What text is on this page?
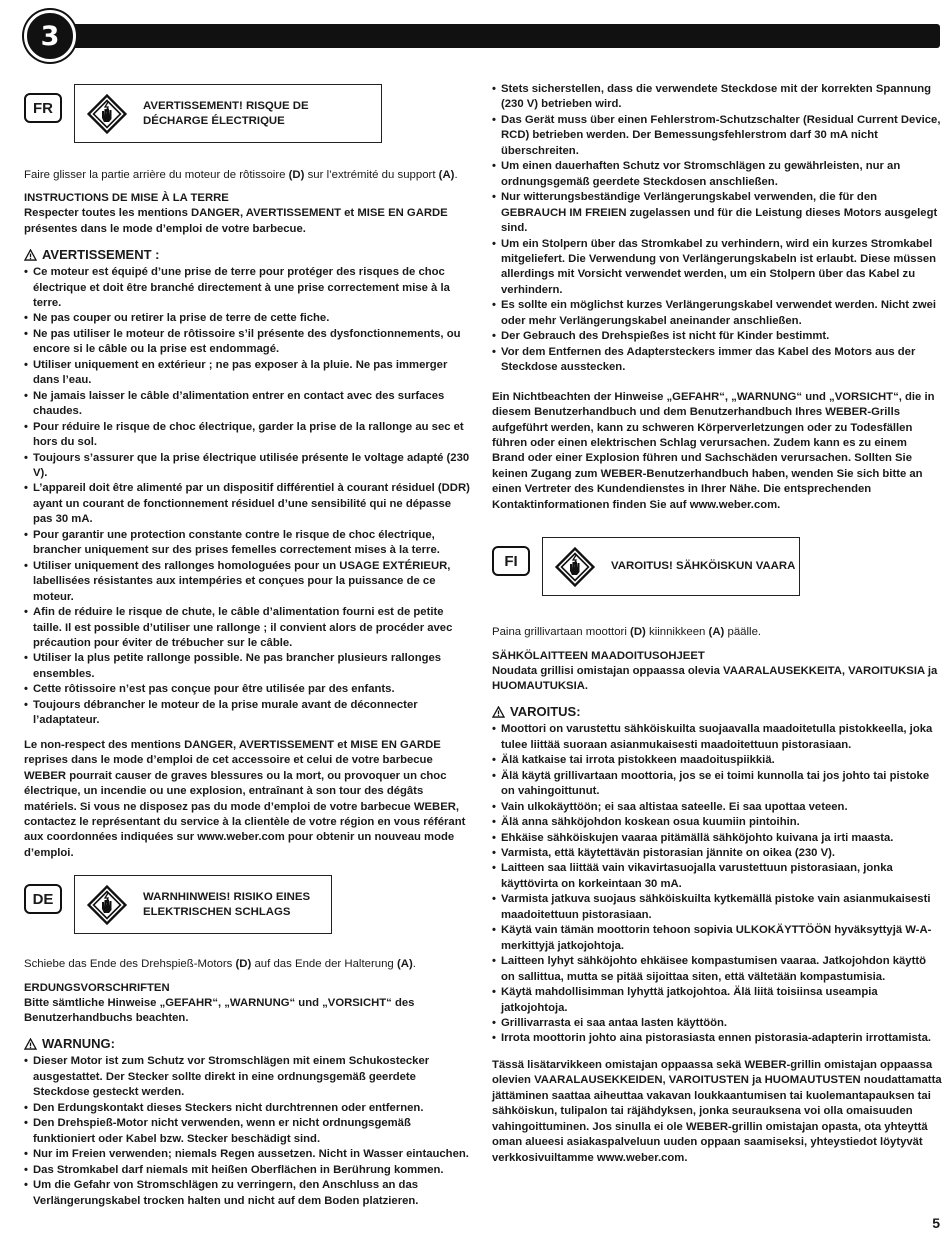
3
FR	AVERTISSEMENT! RISQUE DE
DÉCHARGE ÉLECTRIQUE

Faire glisser la partie arrière du moteur de rôtissoire (D) sur l’extrémité du support (A).

INSTRUCTIONS DE MISE À LA TERRE

Respecter toutes les mentions DANGER, AVERTISSEMENT et MISE EN GARDE présentes dans le mode d’emploi de votre barbecue.

AVERTISSEMENT :
• Ce moteur est équipé d’une prise de terre pour protéger des risques de choc électrique et doit être branché directement à une prise correctement mise à la terre.
• Ne pas couper ou retirer la prise de terre de cette fiche.
• Ne pas utiliser le moteur de rôtissoire s’il présente des dysfonctionnements, ou encore si le câble ou la prise est endommagé.
• Utiliser uniquement en extérieur ; ne pas exposer à la pluie. Ne pas immerger dans l’eau.
• Ne jamais laisser le câble d’alimentation entrer en contact avec des surfaces chaudes.
• Pour réduire le risque de choc électrique, garder la prise de la rallonge au sec et hors du sol.
• Toujours s’assurer que la prise électrique utilisée présente le voltage adapté (230 V).
• L’appareil doit être alimenté par un dispositif différentiel à courant résiduel (DDR) ayant un courant de fonctionnement résiduel d’une sensibilité qui ne dépasse pas 30 mA.
• Pour garantir une protection constante contre le risque de choc électrique, brancher uniquement sur des prises femelles correctement mises à la terre.
• Utiliser uniquement des rallonges homologuées pour un USAGE EXTÉRIEUR, labellisées résistantes aux intempéries et conçues pour la puissance de ce moteur.
• Afin de réduire le risque de chute, le câble d’alimentation fourni est de petite taille. Il est possible d’utiliser une rallonge ; il convient alors de procéder avec précaution pour éviter de trébucher sur le câble.
• Utiliser la plus petite rallonge possible. Ne pas brancher plusieurs rallonges ensembles.
• Cette rôtissoire n’est pas conçue pour être utilisée par des enfants.
• Toujours débrancher le moteur de la prise murale avant de déconnecter l’adaptateur.

Le non-respect des mentions DANGER, AVERTISSEMENT et MISE EN GARDE reprises dans le mode d’emploi de cet accessoire et celui de votre barbecue WEBER pourrait causer de graves blessures ou la mort, ou provoquer un choc électrique, un incendie ou une explosion, entraînant à son tour des dégâts matériels. Si vous ne disposez pas du mode d’emploi de votre barbecue WEBER, contactez le représentant du service à la clientèle de votre région en vous référant aux coordonnées indiquées sur www.weber.com pour obtenir un nouveau mode d’emploi.

DE	WARNHINWEIS! RISIKO EINES
ELEKTRISCHEN SCHLAGS

Schiebe das Ende des Drehspieß-Motors (D) auf das Ende der Halterung (A).

ERDUNGSVORSCHRIFTEN

Bitte sämtliche Hinweise „GEFAHR“, „WARNUNG“ und „VORSICHT“ des Benutzerhandbuchs beachten.

WARNUNG:
• Dieser Motor ist zum Schutz vor Stromschlägen mit einem Schukostecker ausgestattet. Der Stecker sollte direkt in eine ordnungsgemäß geerdete Steckdose gesteckt werden.
• Den Erdungskontakt dieses Steckers nicht durchtrennen oder entfernen.
• Den Drehspieß-Motor nicht verwenden, wenn er nicht ordnungsgemäß funktioniert oder Kabel bzw. Stecker beschädigt sind.
• Nur im Freien verwenden; niemals Regen aussetzen. Nicht in Wasser eintauchen.
• Das Stromkabel darf niemals mit heißen Oberflächen in Berührung kommen.
• Um die Gefahr von Stromschlägen zu verringern, den Anschluss an das Verlängerungskabel trocken halten und nicht auf dem Boden platzieren.
• Stets sicherstellen, dass die verwendete Steckdose mit der korrekten Spannung (230 V) betrieben wird.
• Das Gerät muss über einen Fehlerstrom-Schutzschalter (Residual Current Device, RCD) betrieben werden. Der Bemessungsfehlerstrom darf 30 mA nicht überschreiten.
• Um einen dauerhaften Schutz vor Stromschlägen zu gewährleisten, nur an ordnungsgemäß geerdete Steckdosen anschließen.
• Nur witterungsbeständige Verlängerungskabel verwenden, die für den GEBRAUCH IM FREIEN zugelassen und für die Leistung dieses Motors ausgelegt sind.
• Um ein Stolpern über das Stromkabel zu verhindern, wird ein kurzes Stromkabel mitgeliefert. Die Verwendung von Verlängerungskabeln ist erlaubt. Diese müssen allerdings mit Vorsicht verwendet werden, um ein Stolpern über das Kabel zu verhindern.
• Es sollte ein möglichst kurzes Verlängerungskabel verwendet werden. Nicht zwei oder mehr Verlängerungskabel aneinander anschließen.
• Der Gebrauch des Drehspießes ist nicht für Kinder bestimmt.
• Vor dem Entfernen des Adaptersteckers immer das Kabel des Motors aus der Steckdose ausstecken.

Ein Nichtbeachten der Hinweise „GEFAHR“, „WARNUNG“ und „VORSICHT“, die in diesem Benutzerhandbuch und dem Benutzerhandbuch Ihres WEBER-Grills aufgeführt werden, kann zu schweren Körperverletzungen oder zu Todesfällen führen oder einen elektrischen Schlag verursachen. Zudem kann es zu einem Brand oder einer Explosion führen und Sachschäden verursachen. Sollten Sie keinen Zugang zum WEBER-Benutzerhandbuch haben, wenden Sie sich bitte an einen Vertreter des Kundendienstes in Ihrer Nähe. Die entsprechenden Kontaktinformationen finden Sie auf www.weber.com.

FI	VAROITUS! SÄHKÖISKUN VAARA

Paina grillivartaan moottori (D) kiinnikkeen (A) päälle.

SÄHKÖLAITTEEN MAADOITUSOHJEET

Noudata grillisi omistajan oppaassa olevia VAARALAUSEKKEITA, VAROITUKSIA ja HUOMAUTUKSIA.

VAROITUS:
• Moottori on varustettu sähköiskuilta suojaavalla maadoitetulla pistokkeella, joka tulee liittää suoraan asianmukaisesti maadoitettuun pistorasiaan.
• Älä katkaise tai irrota pistokkeen maadoituspiikkiä.
• Älä käytä grillivartaan moottoria, jos se ei toimi kunnolla tai jos johto tai pistoke on vahingoittunut.
• Vain ulkokäyttöön; ei saa altistaa sateelle. Ei saa upottaa veteen.
• Älä anna sähköjohdon koskean osua kuumiin pintoihin.
• Ehkäise sähköiskujen vaaraa pitämällä sähköjohto kuivana ja irti maasta.
• Varmista, että käytettävän pistorasian jännite on oikea (230 V).
• Laitteen saa liittää vain vikavirtasuojalla varustettuun pistorasiaan, jonka käyttövirta on korkeintaan 30 mA.
• Varmista jatkuva suojaus sähköiskuilta kytkemällä pistoke vain asianmukaisesti maadoitettuun pistorasiaan.
• Käytä vain tämän moottorin tehoon sopivia ULKOKÄYTTÖÖN hyväksyttyjä W-A-merkittyjä jatkojohtoja.
• Laitteen lyhyt sähköjohto ehkäisee kompastumisen vaaraa. Jatkojohdon käyttö on sallittua, mutta se pitää sijoittaa siten, että vältetään kompastumisia.
• Käytä mahdollisimman lyhyttä jatkojohtoa. Älä liitä toisiinsa useampia jatkojohtoja.
• Grillivarrasta ei saa antaa lasten käyttöön.
• Irrota moottorin johto aina pistorasiasta ennen pistorasia-adapterin irrottamista.

Tässä lisätarvikkeen omistajan oppaassa sekä WEBER-grillin omistajan oppaassa olevien VAARALAUSEKKEIDEN, VAROITUSTEN ja HUOMAUTUSTEN noudattamatta jättäminen saattaa aiheuttaa vakavan loukkaantumisen tai kuolemantapauksen tai sähköiskun, tulipalon tai räjähdyksen, jonka seurauksena voi olla omaisuuden vahingoittuminen. Jos sinulla ei ole WEBER-grillin omistajan opasta, ota yhteyttä oman alueesi asiakaspalveluun uuden oppaan saamiseksi, yhteystiedot löytyvät verkkosivuiltamme www.weber.com.

5
